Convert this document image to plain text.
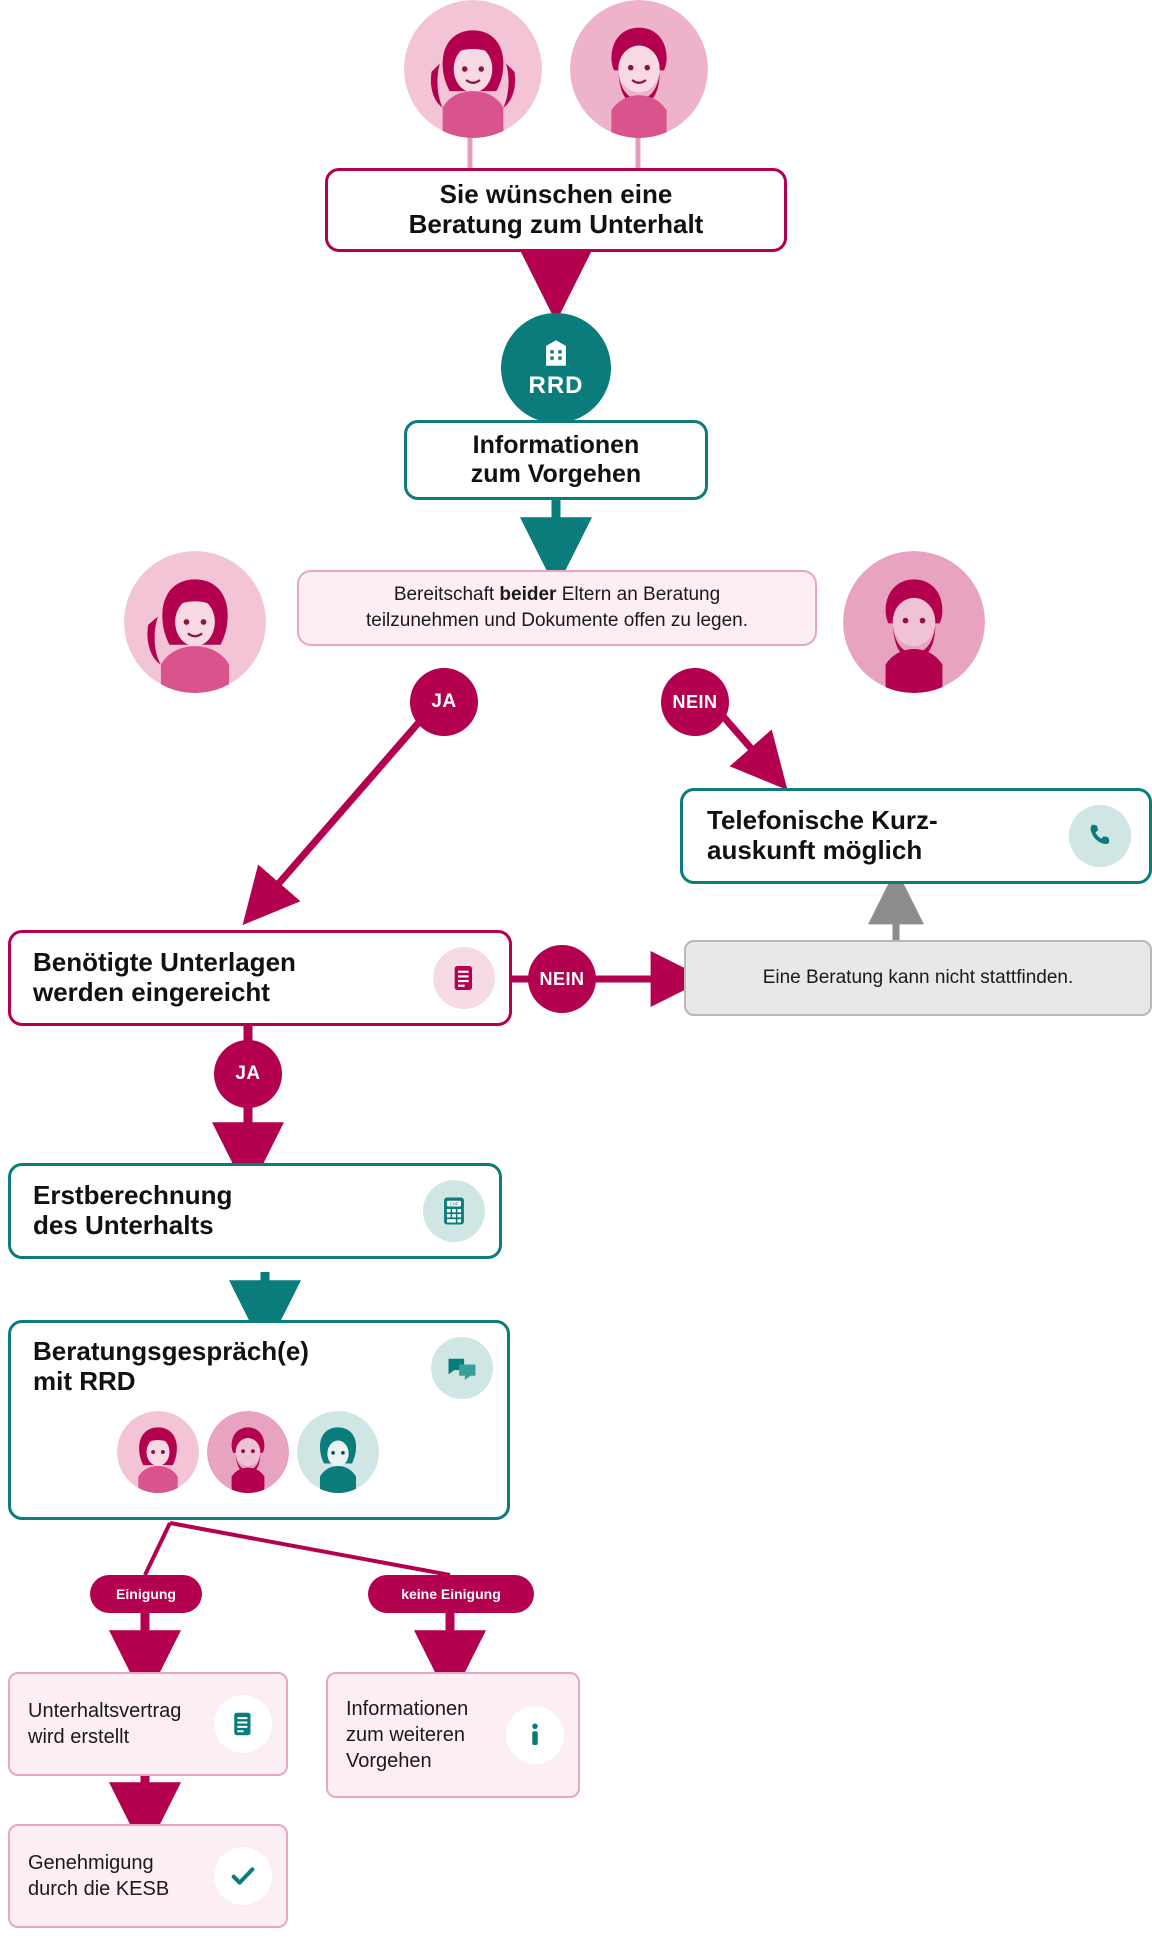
Sie wünschen eine
Beratung zum Unterhalt
RRD
Informationen
zum Vorgehen
Bereitschaft beider Eltern an Beratung
teilzunehmen und Dokumente offen zu legen.
JA	NEIN
Telefonische Kurz-
auskunft möglich
Benötigte Unterlagen
werden eingereicht	NEIN
JA
Eine Beratung kann nicht stattfinden.
Erstberechnung
des Unterhalts
CHF
Beratungsgespräch(e)
mit RRD
Einigung	keine Einigung
Unterhaltsvertrag
wird erstellt
Informationen
zum weiteren
Vorgehen
Genehmigung
durch die KESB
